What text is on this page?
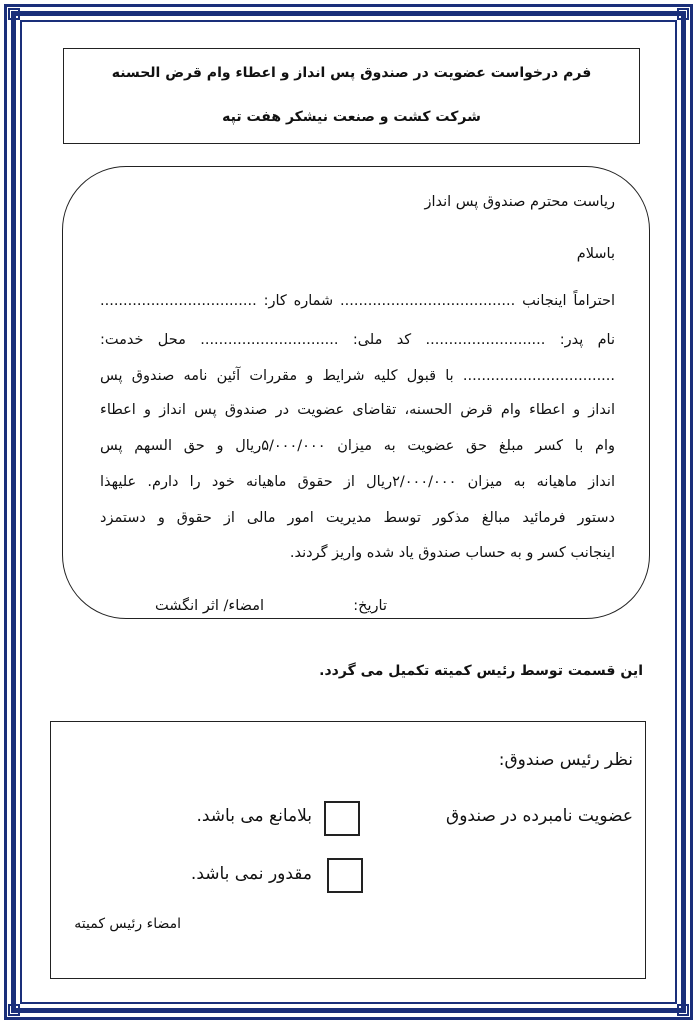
فرم درخواست عضویت در صندوق پس انداز و اعطاء وام قرض الحسنه
شرکت کشت و صنعت نیشکر هفت تپه
ریاست محترم صندوق پس انداز
باسلام
احتراماً اینجانب ...................................... شماره کار: ..................................
نام پدر: .......................... کد ملی: .............................. محل خدمت:
................................. با قبول کلیه شرایط و مقررات آئین نامه صندوق پس
انداز و اعطاء وام قرض الحسنه، تقاضای عضویت در صندوق پس انداز و اعطاء
وام با کسر مبلغ حق عضویت به میزان ۵/۰۰۰/۰۰۰ریال و حق السهم پس
انداز ماهیانه به میزان ۲/۰۰۰/۰۰۰ریال از حقوق ماهیانه خود را دارم. علیهذا
دستور فرمائید مبالغ مذکور توسط مدیریت امور مالی از حقوق و دستمزد
اینجانب کسر و به حساب صندوق یاد شده واریز گردند.
تاریخ:
امضاء/ اثر انگشت
این قسمت توسط رئیس کمیته تکمیل می گردد.
نظر رئیس صندوق:
عضویت نامبرده در صندوق
بلامانع می باشد.
مقدور نمی باشد.
امضاء رئیس کمیته
